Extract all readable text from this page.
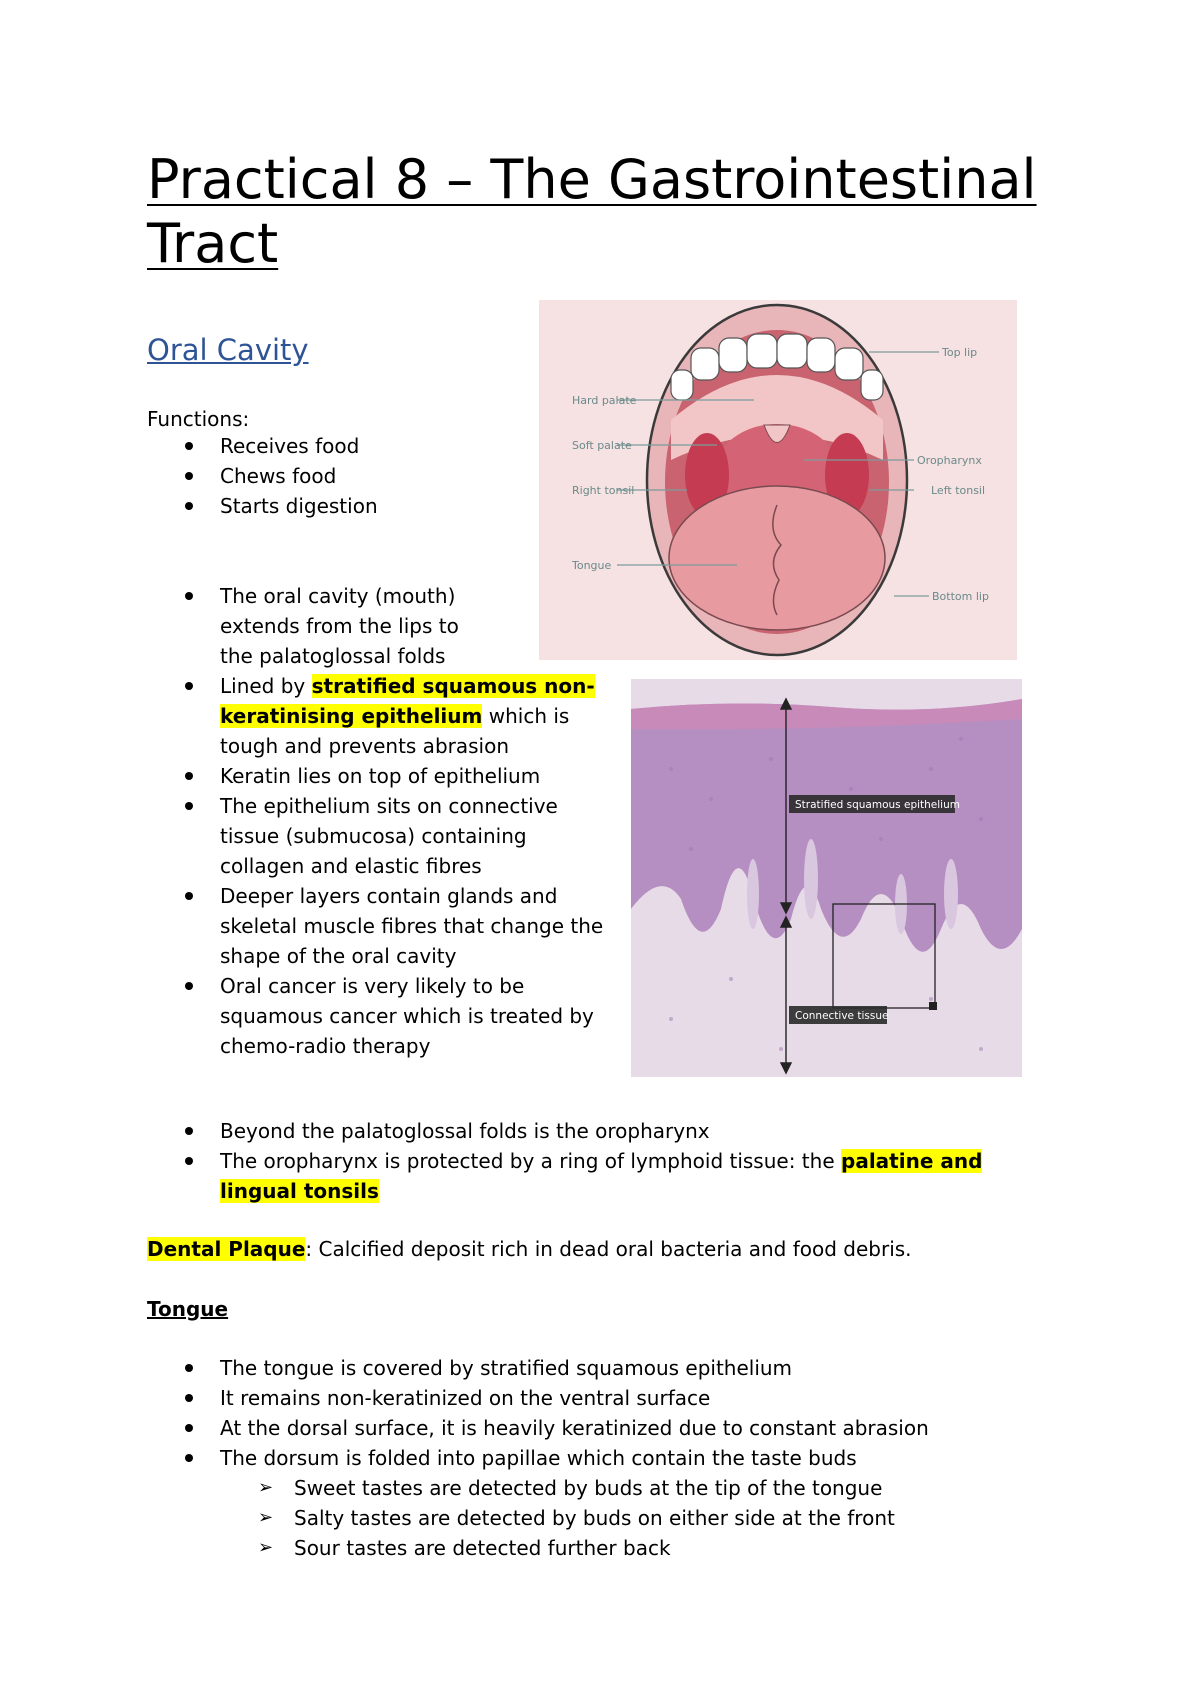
Practical 8 – The Gastrointestinal
Tract
Oral Cavity
Functions:
Receives food
Chews food
Starts digestion
The oral cavity (mouth) extends from the lips to the palatoglossal folds
Lined by stratified squamous non-keratinising epithelium which is tough and prevents abrasion
Keratin lies on top of epithelium
The epithelium sits on connective tissue (submucosa) containing collagen and elastic fibres
Deeper layers contain glands and skeletal muscle fibres that change the shape of the oral cavity
Oral cancer is very likely to be squamous cancer which is treated by chemo-radio therapy
Beyond the palatoglossal folds is the oropharynx
The oropharynx is protected by a ring of lymphoid tissue: the palatine and lingual tonsils
Dental Plaque: Calcified deposit rich in dead oral bacteria and food debris.
Tongue
The tongue is covered by stratified squamous epithelium
It remains non-keratinized on the ventral surface
At the dorsal surface, it is heavily keratinized due to constant abrasion
The dorsum is folded into papillae which contain the taste buds
➢ Sweet tastes are detected by buds at the tip of the tongue
➢ Salty tastes are detected by buds on either side at the front
➢ Sour tastes are detected further back
Top lip
Hard palate
Soft palate
Oropharynx
Right tonsil	Left tonsil
Tongue
Bottom lip
Stratified squamous epithelium
Connective tissue
